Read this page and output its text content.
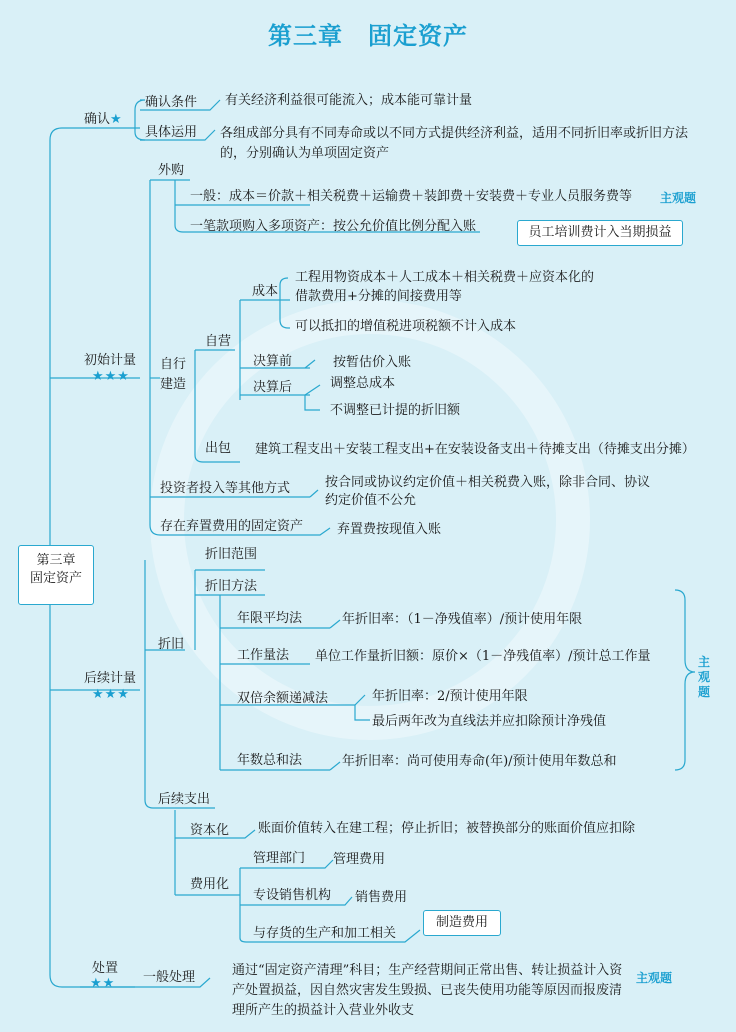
第三章　固定资产
第三章
固定资产
确认★
确认条件 有关经济利益很可能流入；成本能可靠计量
具体运用 各组成部分具有不同寿命或以不同方式提供经济利益，适用不同折旧率或折旧方法的，分别确认为单项固定资产
初始计量
★★★
外购
一般：成本＝价款＋相关税费＋运输费＋装卸费＋安装费＋专业人员服务费等 主观题
员工培训费计入当期损益
一笔款项购入多项资产：按公允价值比例分配入账
自行
建造
自营
成本
工程用物资成本＋人工成本＋相关税费＋应资本化的
借款费用+分摊的间接费用等
可以抵扣的增值税进项税额不计入成本
决算前	按暂估价入账
决算后	调整总成本
不调整已计提的折旧额
出包 建筑工程支出＋安装工程支出+在安装设备支出＋待摊支出（待摊支出分摊）
投资者投入等其他方式	按合同或协议约定价值＋相关税费入账，除非合同、协议
约定价值不公允
存在弃置费用的固定资产	弃置费按现值入账
后续计量
★★★
折旧
折旧范围
折旧方法
年限平均法	年折旧率：（1－净残值率）/预计使用年限
工作量法 单位工作量折旧额：原价×（1－净残值率）/预计总工作量
双倍余额递减法	年折旧率：2/预计使用年限
最后两年改为直线法并应扣除预计净残值
年数总和法	年折旧率：尚可使用寿命(年)/预计使用年数总和
主
观
题
后续支出
资本化 账面价值转入在建工程；停止折旧；被替换部分的账面价值应扣除
费用化
管理部门 管理费用
专设销售机构 销售费用
与存货的生产和加工相关
制造费用
处置
★★ 一般处理	通过“固定资产清理”科目；生产经营期间正常出售、转让损益计入资产处置损益，因自然灾害发生毁损、已丧失使用功能等原因而报废清理所产生的损益计入营业外收支
主观题
